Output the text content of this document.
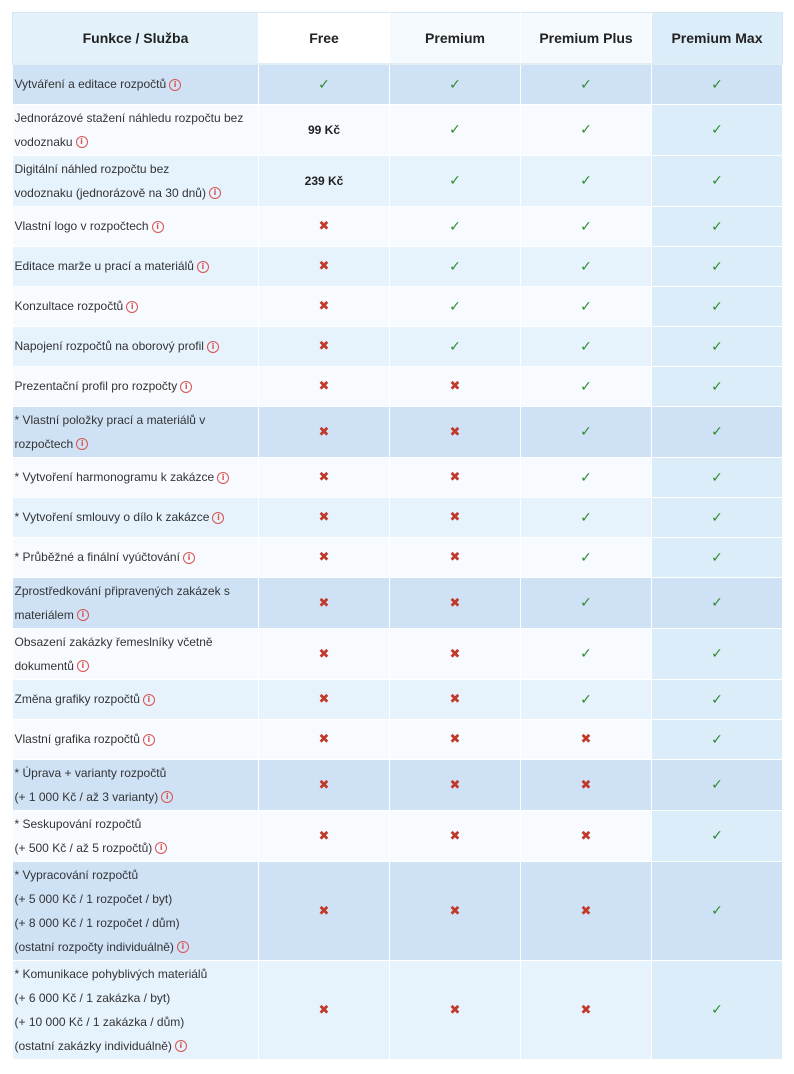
Funkce / Služba	Free	Premium	Premium Plus	Premium Max

Vytváření a editace rozpočtů i	✓	✓	✓	✓

Jednorázové stažení náhledu rozpočtu bez
vodoznaku i	99 Kč	✓	✓	✓

Digitální náhled rozpočtu bez
vodoznaku (jednorázově na 30 dnů) i	239 Kč	✓	✓	✓

Vlastní logo v rozpočtech i	✖	✓	✓	✓

Editace marže u prací a materiálů i	✖	✓	✓	✓

Konzultace rozpočtů i	✖	✓	✓	✓

Napojení rozpočtů na oborový profil i	✖	✓	✓	✓

Prezentační profil pro rozpočty i	✖	✖	✓	✓

* Vlastní položky prací a materiálů v
rozpočtech i	✖	✖	✓	✓

* Vytvoření harmonogramu k zakázce i	✖	✖	✓	✓

* Vytvoření smlouvy o dílo k zakázce i	✖	✖	✓	✓

* Průběžné a finální vyúčtování i	✖	✖	✓	✓

Zprostředkování připravených zakázek s
materiálem i	✖	✖	✓	✓

Obsazení zakázky řemeslníky včetně
dokumentů i	✖	✖	✓	✓

Změna grafiky rozpočtů i	✖	✖	✓	✓

Vlastní grafika rozpočtů i	✖	✖	✖	✓

* Úprava + varianty rozpočtů
(+ 1 000 Kč / až 3 varianty) i	✖	✖	✖	✓

* Seskupování rozpočtů
(+ 500 Kč / až 5 rozpočtů) i	✖	✖	✖	✓

* Vypracování rozpočtů
(+ 5 000 Kč / 1 rozpočet / byt)
(+ 8 000 Kč / 1 rozpočet / dům)
(ostatní rozpočty individuálně) i	✖	✖	✖	✓

* Komunikace pohyblivých materiálů
(+ 6 000 Kč / 1 zakázka / byt)
(+ 10 000 Kč / 1 zakázka / dům)
(ostatní zakázky individuálně) i	✖	✖	✖	✓
